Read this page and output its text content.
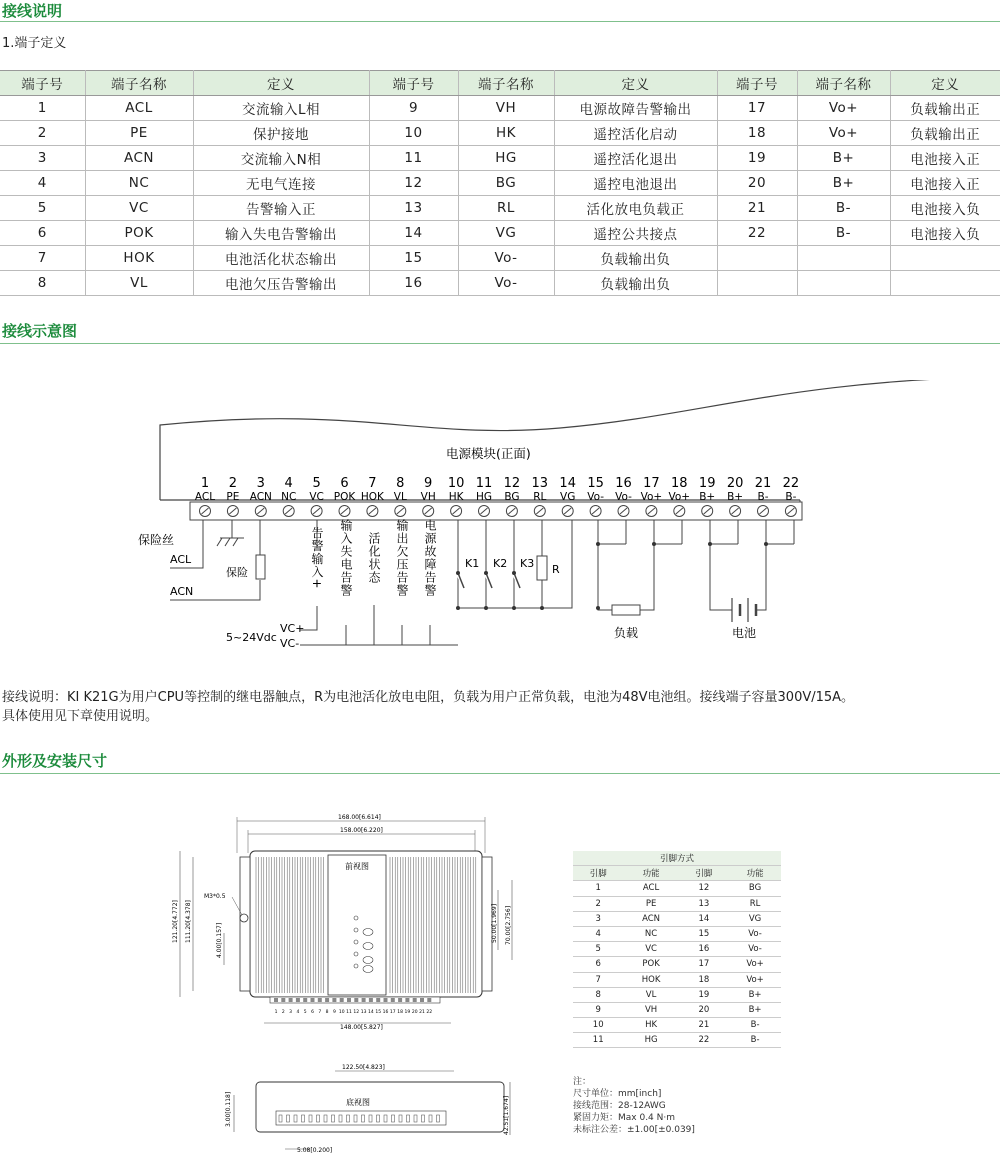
接线说明
1.端子定义
端子号	端子名称	定义	端子号	端子名称	定义	端子号	端子名称	定义
1	ACL	交流输入L相	9	VH	电源故障告警输出	17	Vo+	负载输出正
2	PE	保护接地	10	HK	遥控活化启动	18	Vo+	负载输出正
3	ACN	交流输入N相	11	HG	遥控活化退出	19	B+	电池接入正
4	NC	无电气连接	12	BG	遥控电池退出	20	B+	电池接入正
5	VC	告警输入正	13	RL	活化放电负载正	21	B-	电池接入负
6	POK	输入失电告警输出	14	VG	遥控公共接点	22	B-	电池接入负
7	HOK	电池活化状态输出	15	Vo-	负载输出负			
8	VL	电池欠压告警输出	16	Vo-	负载输出负			
接线示意图
电源模块(正面)
1
ACL
2
PE
3
ACN
4
NC
5
VC
6
POK
7
HOK
8
VL
9
VH
10
HK
11
HG
12
BG
13
RL
14
VG
15
Vo-
16
Vo-
17
Vo+
18
Vo+
19
B+
20
B+
21
B-
22
B-
保险丝
ACL
ACN
保险	告警输入+ 输入失电告警 活化状态 输出欠压告警 电源故障告警
VC+
VC-
5~24Vdc
K1 K2 K3 R
负载	电池
接线说明：KI K21G为用户CPU等控制的继电器触点，R为电池活化放电电阻，负载为用户正常负载，电池为48V电池组。接线端子容量300V/15A。
具体使用见下章使用说明。
外形及安装尺寸
168.00[6.614]
158.00[6.220]
前视图
M3*0.5
1 2 3 4 5 6 7 8 9 10 11 12 13 14 15 16 17 18 19 20 21 22
148.00[5.827]
121.20[4.772] 111.20[4.378]	4.00[0.157]	50.00[1.969] 70.00[2.756]
122.50[4.823]
底视图	42.51[1.674]
3.00[0.118]
5.08[0.200]
引脚方式			
引脚	功能	引脚	功能
1	ACL	12	BG
2	PE	13	RL
3	ACN	14	VG
4	NC	15	Vo-
5	VC	16	Vo-
6	POK	17	Vo+
7	HOK	18	Vo+
8	VL	19	B+
9	VH	20	B+
10	HK	21	B-
11	HG	22	B-
注：
尺寸单位：mm[inch]
接线范围：28-12AWG
紧固力矩：Max 0.4 N·m
未标注公差：±1.00[±0.039]
